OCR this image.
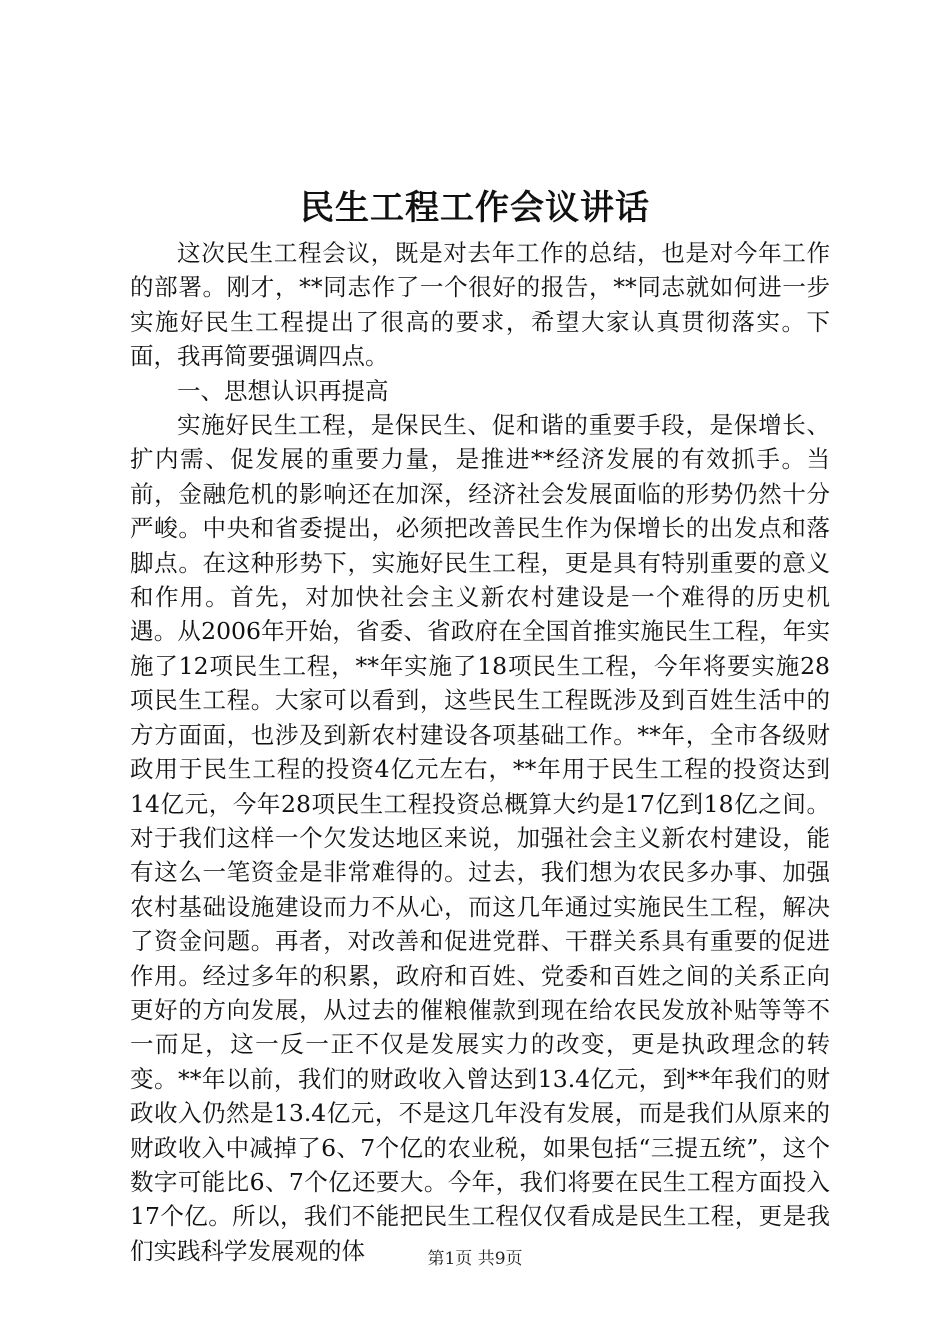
民生工程工作会议讲话

这次民生工程会议，既是对去年工作的总结，也是对今年工作的部署。刚才，**同志作了一个很好的报告，**同志就如何进一步实施好民生工程提出了很高的要求，希望大家认真贯彻落实。下面，我再简要强调四点。

一、思想认识再提高

实施好民生工程，是保民生、促和谐的重要手段，是保增长、扩内需、促发展的重要力量，是推进**经济发展的有效抓手。当前，金融危机的影响还在加深，经济社会发展面临的形势仍然十分严峻。中央和省委提出，必须把改善民生作为保增长的出发点和落脚点。在这种形势下，实施好民生工程，更是具有特别重要的意义和作用。首先，对加快社会主义新农村建设是一个难得的历史机遇。从2006年开始，省委、省政府在全国首推实施民生工程，年实施了12项民生工程，**年实施了18项民生工程，今年将要实施28项民生工程。大家可以看到，这些民生工程既涉及到百姓生活中的方方面面，也涉及到新农村建设各项基础工作。**年，全市各级财政用于民生工程的投资4亿元左右，**年用于民生工程的投资达到14亿元，今年28项民生工程投资总概算大约是17亿到18亿之间。对于我们这样一个欠发达地区来说，加强社会主义新农村建设，能有这么一笔资金是非常难得的。过去，我们想为农民多办事、加强农村基础设施建设而力不从心，而这几年通过实施民生工程，解决了资金问题。再者，对改善和促进党群、干群关系具有重要的促进作用。经过多年的积累，政府和百姓、党委和百姓之间的关系正向更好的方向发展，从过去的催粮催款到现在给农民发放补贴等等不一而足，这一反一正不仅是发展实力的改变，更是执政理念的转变。**年以前，我们的财政收入曾达到13.4亿元，到**年我们的财政收入仍然是13.4亿元，不是这几年没有发展，而是我们从原来的财政收入中减掉了6、7个亿的农业税，如果包括“三提五统”，这个数字可能比6、7个亿还要大。今年，我们将要在民生工程方面投入17个亿。所以，我们不能把民生工程仅仅看成是民生工程，更是我们实践科学发展观的体	第1页 共9页
